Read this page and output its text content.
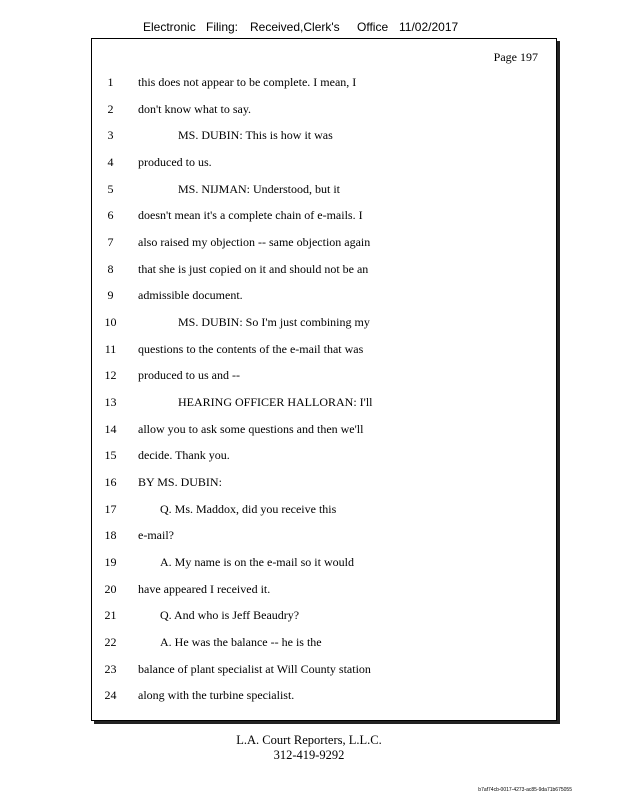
Electronic Filing: Received,Clerk's Office 11/02/2017
Page 197
1	this does not appear to be complete. I mean, I
2	don't know what to say.
3	MS. DUBIN: This is how it was
4	produced to us.
5	MS. NIJMAN: Understood, but it
6	doesn't mean it's a complete chain of e-mails. I
7	also raised my objection -- same objection again
8	that she is just copied on it and should not be an
9	admissible document.
10	MS. DUBIN: So I'm just combining my
11	questions to the contents of the e-mail that was
12	produced to us and --
13	HEARING OFFICER HALLORAN: I'll
14	allow you to ask some questions and then we'll
15	decide. Thank you.
16	BY MS. DUBIN:
17	Q. Ms. Maddox, did you receive this
18	e-mail?
19	A. My name is on the e-mail so it would
20	have appeared I received it.
21	Q. And who is Jeff Beaudry?
22	A. He was the balance -- he is the
23	balance of plant specialist at Will County station
24	along with the turbine specialist.
L.A. Court Reporters, L.L.C.
312-419-9292
b7af74cb-0017-4273-ac85-9da71b675055
